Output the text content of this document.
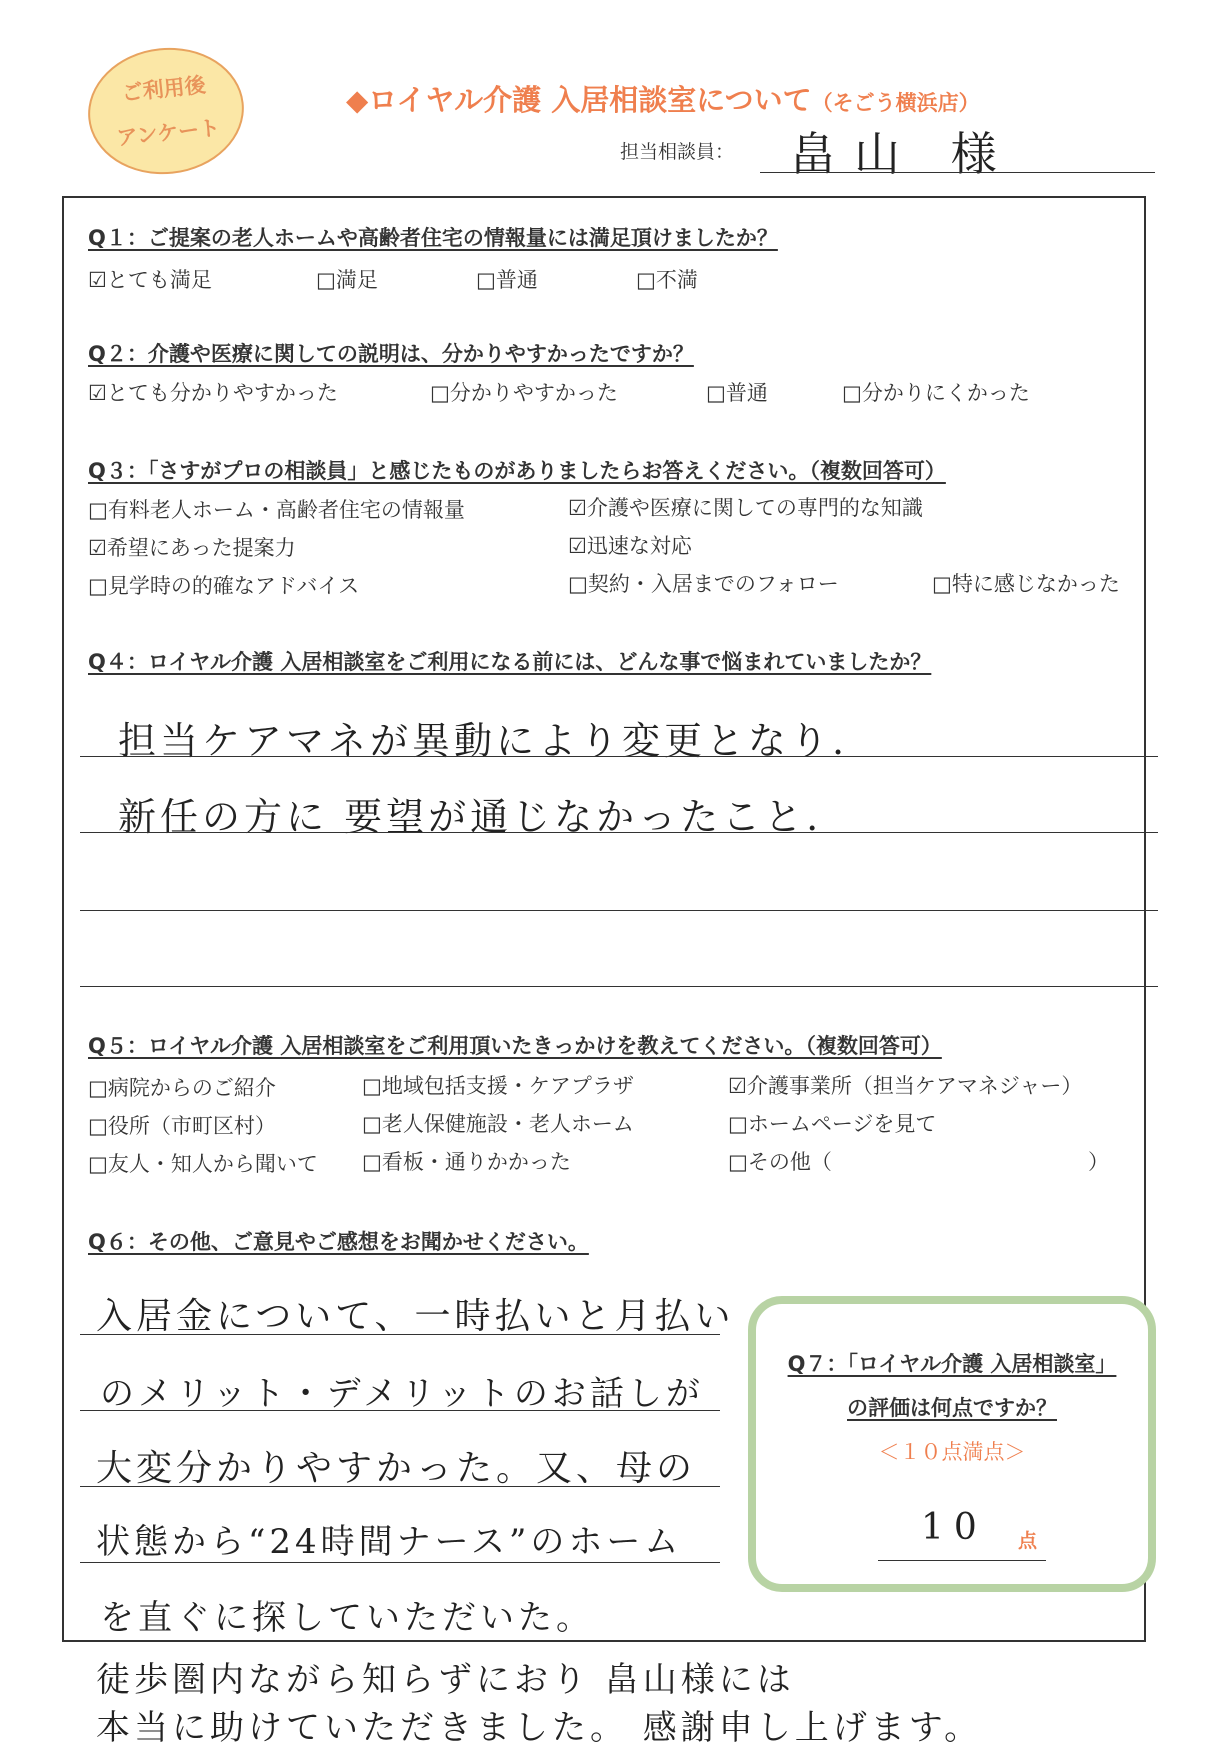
ご利用後
アンケート
◆ロイヤル介護 入居相談室について（そごう横浜店）
担当相談員： 畠山 様
Q１：ご提案の老人ホームや高齢者住宅の情報量には満足頂けましたか？
☑とても満足	□満足	□普通	□不満
Q２：介護や医療に関しての説明は、分かりやすかったですか？
☑とても分かりやすかった	□分かりやすかった	□普通	□分かりにくかった
Q３：「さすがプロの相談員」と感じたものがありましたらお答えください。（複数回答可）
□有料老人ホーム・高齢者住宅の情報量	☑介護や医療に関しての専門的な知識
☑希望にあった提案力	☑迅速な対応
□見学時の的確なアドバイス	□契約・入居までのフォロー	□特に感じなかった
Q４：ロイヤル介護 入居相談室をご利用になる前には、どんな事で悩まれていましたか？
担当ケアマネが異動により変更となり.
新任の方に 要望が通じなかったこと.
Q５：ロイヤル介護 入居相談室をご利用頂いたきっかけを教えてください。（複数回答可）
□病院からのご紹介	□地域包括支援・ケアプラザ	☑介護事業所（担当ケアマネジャー）
□役所（市町区村）	□老人保健施設・老人ホーム	□ホームページを見て
□友人・知人から聞いて □看板・通りかかった	□その他（	）
Q６：その他、ご意見やご感想をお聞かせください。
入居金について、一時払いと月払い
のメリット・デメリットのお話しが
大変分かりやすかった。又、母の
状態から“24時間ナース”のホーム
を直ぐに探していただいた。
徒歩圏内ながら知らずにおり 畠山様には
本当に助けていただきました。 感謝申し上げます。
Q７：「ロイヤル介護 入居相談室」
の評価は何点ですか？
＜１０点満点＞
10 点
